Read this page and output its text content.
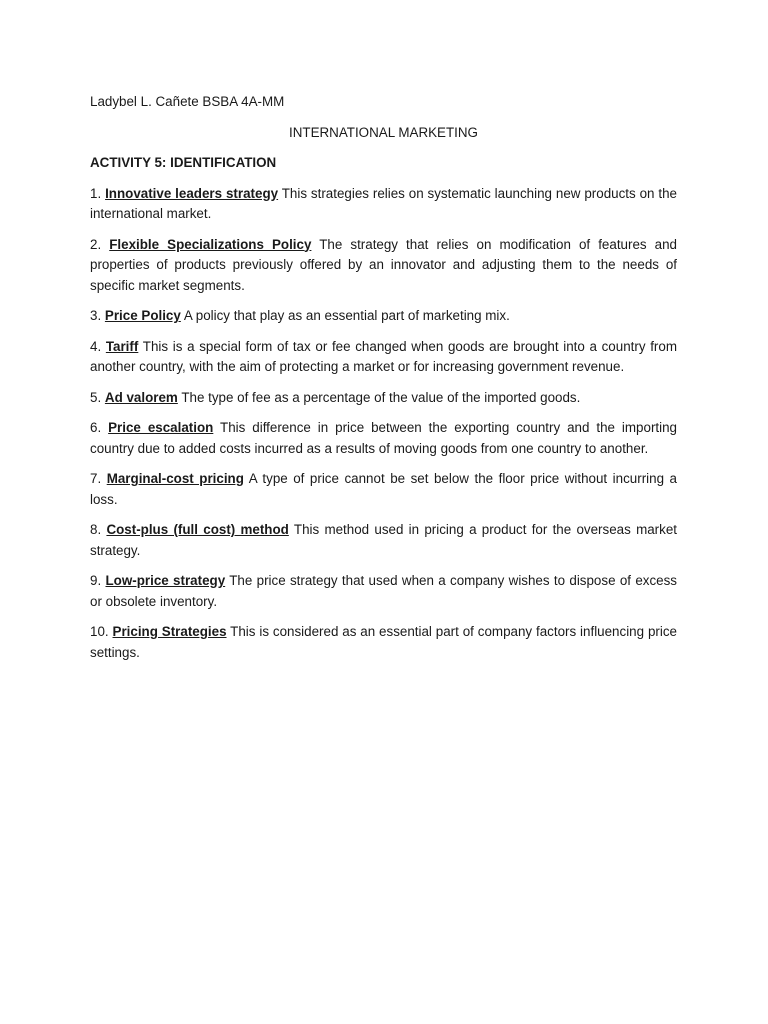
Ladybel L. Cañete BSBA 4A-MM

INTERNATIONAL MARKETING

ACTIVITY 5: IDENTIFICATION

1. Innovative leaders strategy This strategies relies on systematic launching new products on the international market.

2. Flexible Specializations Policy The strategy that relies on modification of features and properties of products previously offered by an innovator and adjusting them to the needs of specific market segments.

3. Price Policy A policy that play as an essential part of marketing mix.

4. Tariff This is a special form of tax or fee changed when goods are brought into a country from another country, with the aim of protecting a market or for increasing government revenue.

5. Ad valorem The type of fee as a percentage of the value of the imported goods.

6. Price escalation This difference in price between the exporting country and the importing country due to added costs incurred as a results of moving goods from one country to another.

7. Marginal-cost pricing A type of price cannot be set below the floor price without incurring a loss.

8. Cost-plus (full cost) method This method used in pricing a product for the overseas market strategy.

9. Low-price strategy The price strategy that used when a company wishes to dispose of excess or obsolete inventory.

10. Pricing Strategies This is considered as an essential part of company factors influencing price settings.
